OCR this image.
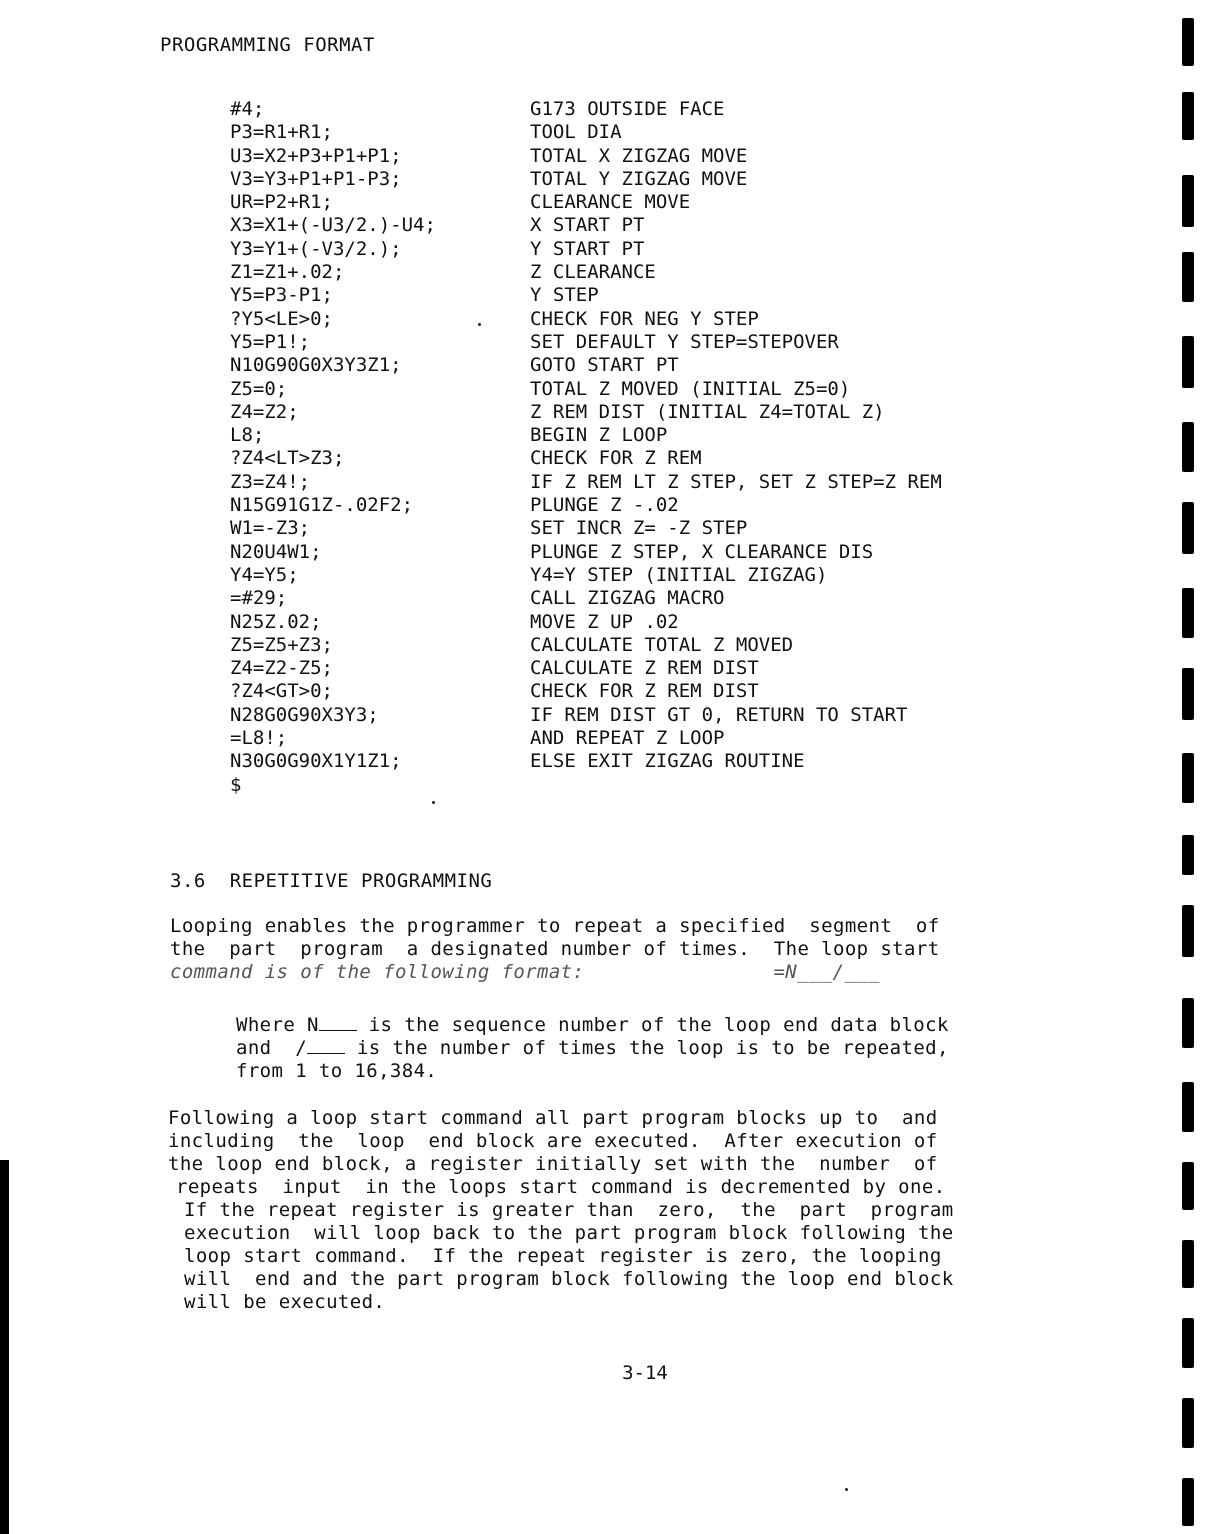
PROGRAMMING FORMAT
#4;	G173 OUTSIDE FACE
P3=R1+R1;	TOOL DIA
U3=X2+P3+P1+P1;	TOTAL X ZIGZAG MOVE
V3=Y3+P1+P1-P3;	TOTAL Y ZIGZAG MOVE
UR=P2+R1;	CLEARANCE MOVE
X3=X1+(-U3/2.)-U4;	X START PT
Y3=Y1+(-V3/2.);	Y START PT
Z1=Z1+.02;	Z CLEARANCE
Y5=P3-P1;	Y STEP
?Y5<LE>0;	CHECK FOR NEG Y STEP
Y5=P1!;	SET DEFAULT Y STEP=STEPOVER
N10G90G0X3Y3Z1;	GOTO START PT
Z5=0;	TOTAL Z MOVED (INITIAL Z5=0)
Z4=Z2;	Z REM DIST (INITIAL Z4=TOTAL Z)
L8;	BEGIN Z LOOP
?Z4<LT>Z3;	CHECK FOR Z REM
Z3=Z4!;	IF Z REM LT Z STEP, SET Z STEP=Z REM
N15G91G1Z-.02F2;	PLUNGE Z -.02
W1=-Z3;	SET INCR Z= -Z STEP
N20U4W1;	PLUNGE Z STEP, X CLEARANCE DIS
Y4=Y5;	Y4=Y STEP (INITIAL ZIGZAG)
=#29;	CALL ZIGZAG MACRO
N25Z.02;	MOVE Z UP .02
Z5=Z5+Z3;	CALCULATE TOTAL Z MOVED
Z4=Z2-Z5;	CALCULATE Z REM DIST
?Z4<GT>0;	CHECK FOR Z REM DIST
N28G0G90X3Y3;	IF REM DIST GT 0, RETURN TO START
=L8!;	AND REPEAT Z LOOP
N30G0G90X1Y1Z1;	ELSE EXIT ZIGZAG ROUTINE
$
3.6  REPETITIVE PROGRAMMING
Looping enables the programmer to repeat a specified  segment  of
the  part  program  a designated number of times.  The loop start
command is of the following format:	=N___/___
Where N is the sequence number of the loop end data block
and  / is the number of times the loop is to be repeated,
from 1 to 16,384.
Following a loop start command all part program blocks up to  and
including  the  loop  end block are executed.  After execution of
the loop end block, a register initially set with the  number  of
repeats  input  in the loops start command is decremented by one.
If the repeat register is greater than  zero,  the  part  program
execution  will loop back to the part program block following the
loop start command.  If the repeat register is zero, the looping
will  end and the part program block following the loop end block
will be executed.
3-14
